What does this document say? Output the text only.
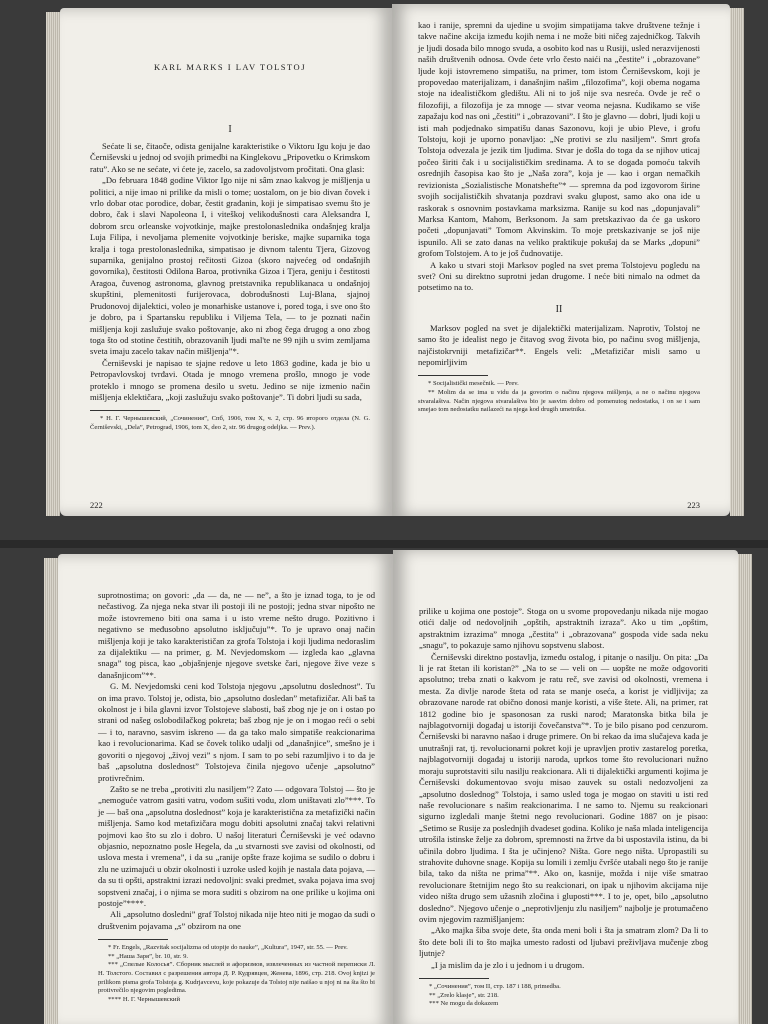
KARL MARKS I LAV TOLSTOJ
I

Sećate li se, čitaoče, odista genijalne karakteristike o Viktoru Igu koju je dao Černiševski u jednoj od svojih primedbi na Kinglekovu „Pripovetku o Krimskom ratu”. Ako se ne sećate, vi ćete je, zacelo, sa zadovoljstvom pročitati. Ona glasi:

„Do februara 1848 godine Viktor Igo nije ni sâm znao kakvog je mišljenja u politici, a nije imao ni prilike da misli o tome; uostalom, on je bio divan čovek i vrlo dobar otac porodice, dobar, čestit građanin, koji je simpatisao svemu što je dobro, čak i slavi Napoleona I, i viteškoj velikodušnosti cara Aleksandra I, dobrom srcu orleanske vojvotkinje, majke prestolonaslednika ondašnjeg kralja Luja Filipa, i nevoljama plemenite vojvotkinje beriske, majke suparnika toga kralja i toga prestolonaslednika, simpatisao je divnom talentu Tjera, Gizovog suparnika, genijalno prostoj rečitosti Gizoa (skoro najvećeg od ondašnjih govornika), čestitosti Odilona Baroa, protivnika Gizoa i Tjera, geniju i čestitosti Aragoa, čuvenog astronoma, glavnog pretstavnika republikanaca u ondašnjoj skupštini, plemenitosti furijerovaca, dobrodušnosti Luj-Blana, sjajnoj Prudonovoj dijalektici, voleo je monarhiske ustanove i, pored toga, i sve ono što je dobro, pa i Spartansku republiku i Viljema Tela, — to je poznati način mišljenja koji zaslužuje svako poštovanje, ako ni zbog čega drugog a ono zbog toga što od stotine čestitih, obrazovanih ljudi mal'te ne 99 njih u svim zemljama sveta imaju zacelo takav način mišljenja”*.

Černiševski je napisao te sjajne redove u leto 1863 godine, kada je bio u Petropavlovskoj tvrđavi. Otada je mnogo vremena prošlo, mnogo je vode proteklo i mnogo se promena desilo u svetu. Jedino se nije izmenio način mišljenja eklektičara, „koji zaslužuju svako poštovanje”. Ti dobri ljudi su sada,

* Н. Г. Чернышевский, „Сочинения”, Спб, 1906, том X, ч. 2, стр. 96 второго отдела (N. G. Černiševski, „Dela”, Petrograd, 1906, tom X, deo 2, str. 96 drugog odeljka. — Prev.).
222

kao i ranije, spremni da ujedine u svojim simpatijama takve društvene težnje i takve načine akcija između kojih nema i ne može biti ničeg zajedničkog. Takvih je ljudi dosada bilo mnogo svuda, a osobito kod nas u Rusiji, usled nerazvijenosti naših društvenih odnosa. Ovde ćete vrlo često naići na „čestite” i „obrazovane” ljude koji istovremeno simpatišu, na primer, tom istom Černiševskom, koji je propovedao materijalizam, i današnjim našim „filozofima”, koji obema nogama stoje na idealističkom gledištu. Ali ni to još nije sva nesreća. Ovde je reč o filozofiji, a filozofija je za mnoge — stvar veoma nejasna. Kudikamo se više zapažaju kod nas oni „čestiti” i „obrazovani”. I što je glavno — dobri, ljudi koji u isti mah podjednako simpatišu danas Sazonovu, koji je ubio Pleve, i grofu Tolstoju, koji je uporno ponavljao: „Ne protivi se zlu nasiljem”. Smrt grofa Tolstoja odvezala je jezik tim ljudima. Stvar je došla do toga da se njihov uticaj počeo širiti čak i u socijalističkim sredinama. A to se događa pomoću takvih osrednjih časopisa kao što je „Naša zora”, koja je — kao i organ nemačkih revizionista „Sozialistische Monatshefte”* — spremna da pod izgovorom širine svojih socijalističkih shvatanja pozdravi svaku glupost, samo ako ona ide u raskorak s osnovnim postavkama marksizma. Ranije su kod nas „dopunjavali” Marksa Kantom, Mahom, Berksonom. Ja sam pretskazivao da će ga uskoro početi „dopunjavati” Tomom Akvinskim. To moje pretskazivanje se još nije ispunilo. Ali se zato danas na veliko praktikuje pokušaj da se Marks „dopuni” grofom Tolstojem. A to je još čudnovatije.

A kako u stvari stoji Marksov pogled na svet prema Tolstojevu pogledu na svet? Oni su direktno suprotni jedan drugome. I neće biti nimalo na odmet da potsetimo na to.

II

Marksov pogled na svet je dijalektički materijalizam. Naprotiv, Tolstoj ne samo što je idealist nego je čitavog svog života bio, po načinu svog mišljenja, najčistokrvniji metafizičar**. Engels veli: „Metafizičar misli samo u nepomirljivim

* Socijalistički mesečnik. — Prev.
** Molim da se ima u vidu da ja govorim o načinu njegova mišljenja, a ne o načinu njegova stvaralaštva. Način njegova stvaralaštva bio je sasvim dobro od pomenutog nedostatka, i on se i sam smejao tom nedostatku nailazeći na njega kod drugih umetnika.
223

suprotnostima; on govori: „da — da, ne — ne”, a što je iznad toga, to je od nečastivog. Za njega neka stvar ili postoji ili ne postoji; jedna stvar nipošto ne može istovremeno biti ona sama i u isto vreme nešto drugo. Pozitivno i negativno se međusobno apsolutno isključuju”*. To je upravo onaj način mišljenja koji je tako karakterističan za grofa Tolstoja i koji ljudima nedoraslim za dijalektiku — na primer, g. M. Nevjedomskom — izgleda kao „glavna snaga” tog pisca, kao „objašnjenje njegove svetske čari, njegove žive veze s današnjicom”**.

G. M. Nevjedomski ceni kod Tolstoja njegovu „apsolutnu doslednost”. Tu on ima pravo. Tolstoj je, odista, bio „apsolutno dosledan” metafizičar. Ali baš ta okolnost je i bila glavni izvor Tolstojeve slabosti, baš zbog nje je on i ostao po strani od našeg oslobodilačkog pokreta; baš zbog nje je on i mogao reći o sebi — i to, naravno, sasvim iskreno — da ga tako malo simpatiše reakcionarima kao i revolucionarima. Kad se čovek toliko udalji od „današnjice”, smešno je i govoriti o njegovoj „živoj vezi” s njom. I sam to po sebi razumljivo i to da je baš „apsolutna doslednost” Tolstojeva činila njegovo učenje „apsolutno” protivrečnim.

Zašto se ne treba „protiviti zlu nasiljem”? Zato — odgovara Tolstoj — što je „nemoguće vatrom gasiti vatru, vodom sušiti vodu, zlom uništavati zlo”***. To je — baš ona „apsolutna doslednost” koja je karakteristična za metafizički način mišljenja. Samo kod metafizičara mogu dobiti apsolutni značaj takvi relativni pojmovi kao što su zlo i dobro. U našoj literaturi Černiševski je već odavno objasnio, nepoznatno posle Hegela, da „u stvarnosti sve zavisi od okolnosti, od uslova mesta i vremena”, i da su „ranije opšte fraze kojima se sudilo o dobru i zlu ne uzimajući u obzir okolnosti i uzroke usled kojih je nastala data pojava, — da su ti opšti, apstraktni izrazi nedovoljni: svaki predmet, svaka pojava ima svoj sopstveni značaj, i o njima se mora suditi s obzirom na one prilike u kojima oni postoje”****.

Ali „apsolutno dosledni” graf Tolstoj nikada nije hteo niti je mogao da sudi o društvenim pojavama „s” obzirom na one

* Fr. Engels, „Razvitak socijalizma od utopije do nauke”, „Kultura”, 1947, str. 55. — Prev.
** „Наша Заря”, br. 10, str. 9.
*** „Спелые Колосья”. Сборник мыслей и афоризмов, извлеченных из частной переписки Л. Н. Толстого. Составил с разрешения автора Д. Р. Кудрявцев, Женева, 1896, стр. 218. Ovoj knjizi je prilikom pisma grofa Tolstoja g. Kudrjavcevu, koje pokazuje da Tolstoj nije naišao u njoj ni na šta što bi protivrečilo njegovim pogledima.
**** Н. Г. Чернышевский

prilike u kojima one postoje”. Stoga on u svome propovedanju nikada nije mogao otići dalje od nedovoljnih „opštih, apstraktnih izraza”. Ako u tim „opštim, apstraktnim izrazima” mnoga „čestita” i „obrazovana” gospoda vide sada neku „snagu”, to pokazuje samo njihovu sopstvenu slabost.

Černiševski direktno postavlja, između ostalog, i pitanje o nasilju. On pita: „Da li je rat štetan ili koristan?” „Na to se — veli on — uopšte ne može odgovoriti apsolutno; treba znati o kakvom je ratu reč, sve zavisi od okolnosti, vremena i mesta. Za divlje narode šteta od rata se manje oseća, a korist je vidljivija; za obrazovane narode rat obično donosi manje koristi, a više štete. Ali, na primer, rat 1812 godine bio je spasonosan za ruski narod; Maratonska bitka bila je najblagotvorniji događaj u istoriji čovečanstva”*. To je bilo pisano pod cenzurom. Černiševski bi naravno našao i druge primere. On bi rekao da ima slučajeva kada je unutrašnji rat, tj. revolucionarni pokret koji je upravljen protiv zastarelog poretka, najblagotvorniji događaj u istoriji naroda, uprkos tome što revolucionari nužno moraju suprotstaviti silu nasilju reakcionara. Ali ti dijalektički argumenti kojima je Černiševski dokumentovao svoju misao zauvek su ostali nedozvoljeni za „apsolutno doslednog” Tolstoja, i samo usled toga je mogao on staviti u isti red naše revolucionare s našim reakcionarima. I ne samo to. Njemu su reakcionari sigurno izgledali manje štetni nego revolucionari. Godine 1887 on je pisao: „Setimo se Rusije za poslednjih dvadeset godina. Koliko je naša mlada inteligencija utrošila istinske želje za dobrom, spremnosti na žrtve da bi uspostavila istinu, da bi učinila dobro ljudima. I šta je učinjeno? Ništa. Gore nego ništa. Upropastili su strahovite duhovne snage. Kopija su lomili i zemlju čvršće utabali nego što je ranije bila, tako da ništa ne prima”**. Ako on, kasnije, možda i nije više smatrao revolucionare štetnijim nego što su reakcionari, on ipak u njihovim akcijama nije video ništa drugo sem užasnih zločina i gluposti***. I to je, opet, bilo „apsolutno dosledno”. Njegovo učenje o „neprotivljenju zlu nasiljem” najbolje je protumačeno ovim njegovim razmišljanjem:

„Ako majka šiba svoje dete, šta onda meni boli i šta ja smatram zlom? Da li to što dete boli ili to što majka umesto radosti od ljubavi preživljava mučenje zbog ljutnje?

„I ja mislim da je zlo i u jednom i u drugom.

* „Сочинения”, том II, стр. 187 i 188, primedba.
** „Zrelo klasje”, str. 218.
*** Ne mogu da dokazem
